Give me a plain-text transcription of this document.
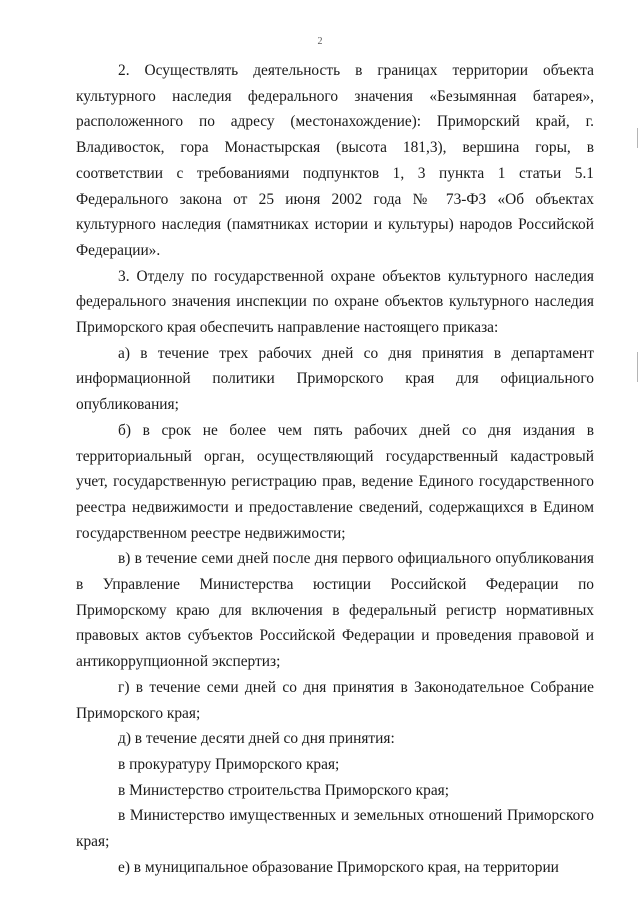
2

2. Осуществлять деятельность в границах территории объекта культурного наследия федерального значения «Безымянная батарея», расположенного по адресу (местонахождение): Приморский край, г. Владивосток, гора Монастырская (высота 181,3), вершина горы, в соответствии с требованиями подпунктов 1, 3 пункта 1 статьи 5.1 Федерального закона от 25 июня 2002 года № 73-ФЗ «Об объектах культурного наследия (памятниках истории и культуры) народов Российской Федерации».

3. Отделу по государственной охране объектов культурного наследия федерального значения инспекции по охране объектов культурного наследия Приморского края обеспечить направление настоящего приказа:

а) в течение трех рабочих дней со дня принятия в департамент информационной политики Приморского края для официального опубликования;

б) в срок не более чем пять рабочих дней со дня издания в территориальный орган, осуществляющий государственный кадастровый учет, государственную регистрацию прав, ведение Единого государственного реестра недвижимости и предоставление сведений, содержащихся в Едином государственном реестре недвижимости;

в) в течение семи дней после дня первого официального опубликования в Управление Министерства юстиции Российской Федерации по Приморскому краю для включения в федеральный регистр нормативных правовых актов субъектов Российской Федерации и проведения правовой и антикоррупционной экспертиз;

г) в течение семи дней со дня принятия в Законодательное Собрание Приморского края;

д) в течение десяти дней со дня принятия:

в прокуратуру Приморского края;

в Министерство строительства Приморского края;

в Министерство имущественных и земельных отношений Приморского края;

е) в муниципальное образование Приморского края, на территории
